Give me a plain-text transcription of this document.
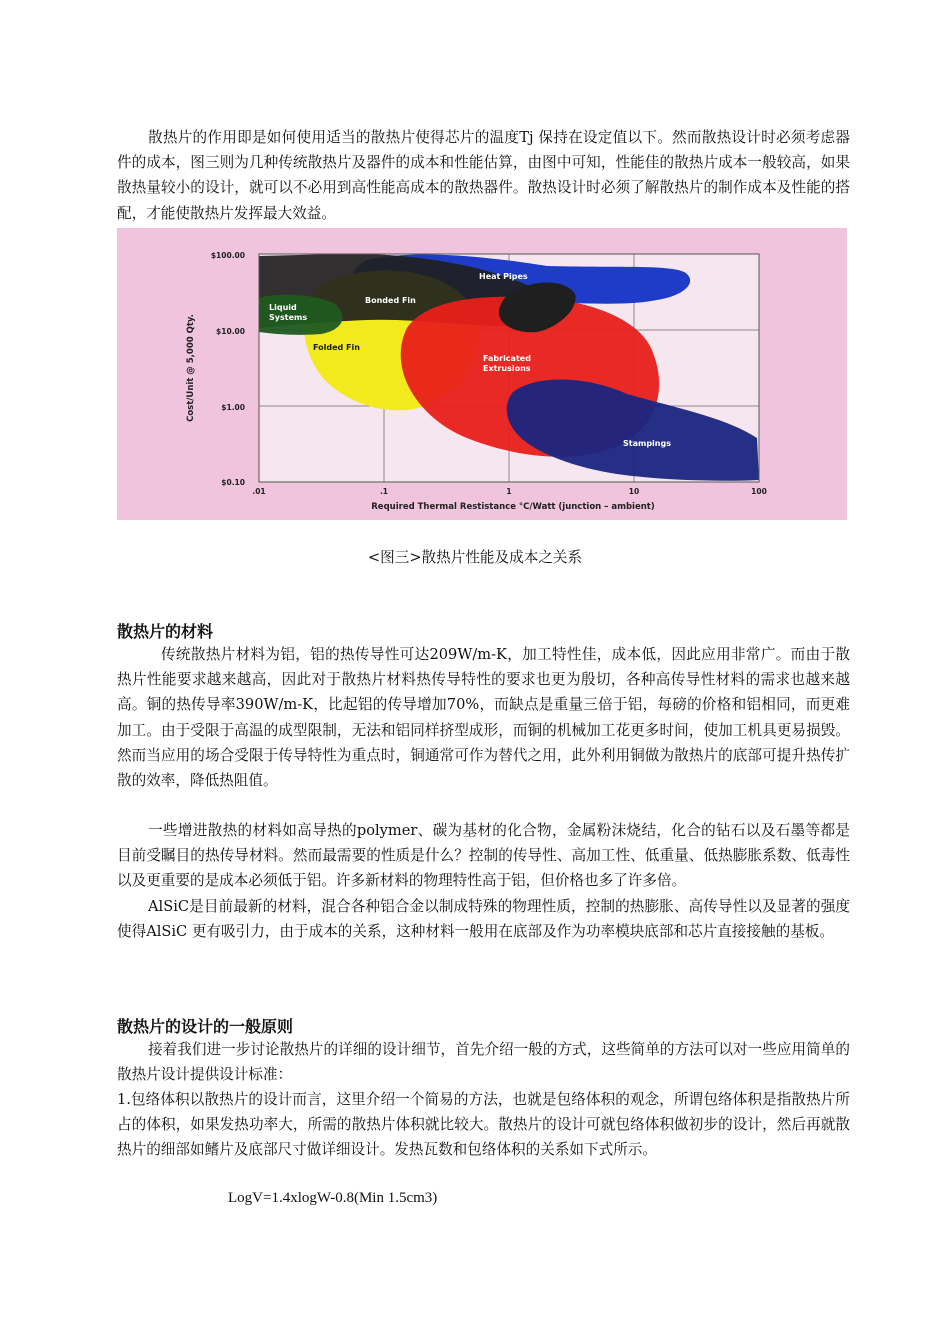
散热片的作用即是如何使用适当的散热片使得芯片的温度Tj 保持在设定值以下。然而散热设计时必须考虑器件的成本，图三则为几种传统散热片及器件的成本和性能估算，由图中可知，性能佳的散热片成本一般较高，如果散热量较小的设计，就可以不必用到高性能高成本的散热器件。散热设计时必须了解散热片的制作成本及性能的搭配，才能使散热片发挥最大效益。

Heat Pipes
Bonded Fin
Liquid
Systems
Folded Fin
Fabricated
Extrusions
Stampings
$100.00
$10.00
$1.00
$0.10
.01	.1	1	10	100
Required Thermal Restistance °C/Watt (junction – ambient)
Cost/Unit @ 5,000 Qty.

<图三>散热片性能及成本之关系

散热片的材料

传统散热片材料为铝，铝的热传导性可达209W/m-K，加工特性佳，成本低，因此应用非常广。而由于散热片性能要求越来越高，因此对于散热片材料热传导特性的要求也更为殷切，各种高传导性材料的需求也越来越高。铜的热传导率390W/m-K，比起铝的传导增加70%，而缺点是重量三倍于铝，每磅的价格和铝相同，而更难加工。由于受限于高温的成型限制，无法和铝同样挤型成形，而铜的机械加工花更多时间，使加工机具更易损毁。然而当应用的场合受限于传导特性为重点时，铜通常可作为替代之用，此外利用铜做为散热片的底部可提升热传扩散的效率，降低热阻值。

一些增进散热的材料如高导热的polymer、碳为基材的化合物，金属粉沫烧结，化合的钻石以及石墨等都是目前受瞩目的热传导材料。然而最需要的性质是什么？控制的传导性、高加工性、低重量、低热膨胀系数、低毒性以及更重要的是成本必须低于铝。许多新材料的物理特性高于铝，但价格也多了许多倍。

AlSiC是目前最新的材料，混合各种铝合金以制成特殊的物理性质，控制的热膨胀、高传导性以及显著的强度使得AlSiC 更有吸引力，由于成本的关系，这种材料一般用在底部及作为功率模块底部和芯片直接接触的基板。

散热片的设计的一般原则

接着我们进一步讨论散热片的详细的设计细节，首先介绍一般的方式，这些简单的方法可以对一些应用简单的散热片设计提供设计标准：

1.包络体积以散热片的设计而言，这里介绍一个简易的方法，也就是包络体积的观念，所谓包络体积是指散热片所占的体积，如果发热功率大，所需的散热片体积就比较大。散热片的设计可就包络体积做初步的设计，然后再就散热片的细部如鳍片及底部尺寸做详细设计。发热瓦数和包络体积的关系如下式所示。

LogV=1.4xlogW-0.8(Min 1.5cm3)
